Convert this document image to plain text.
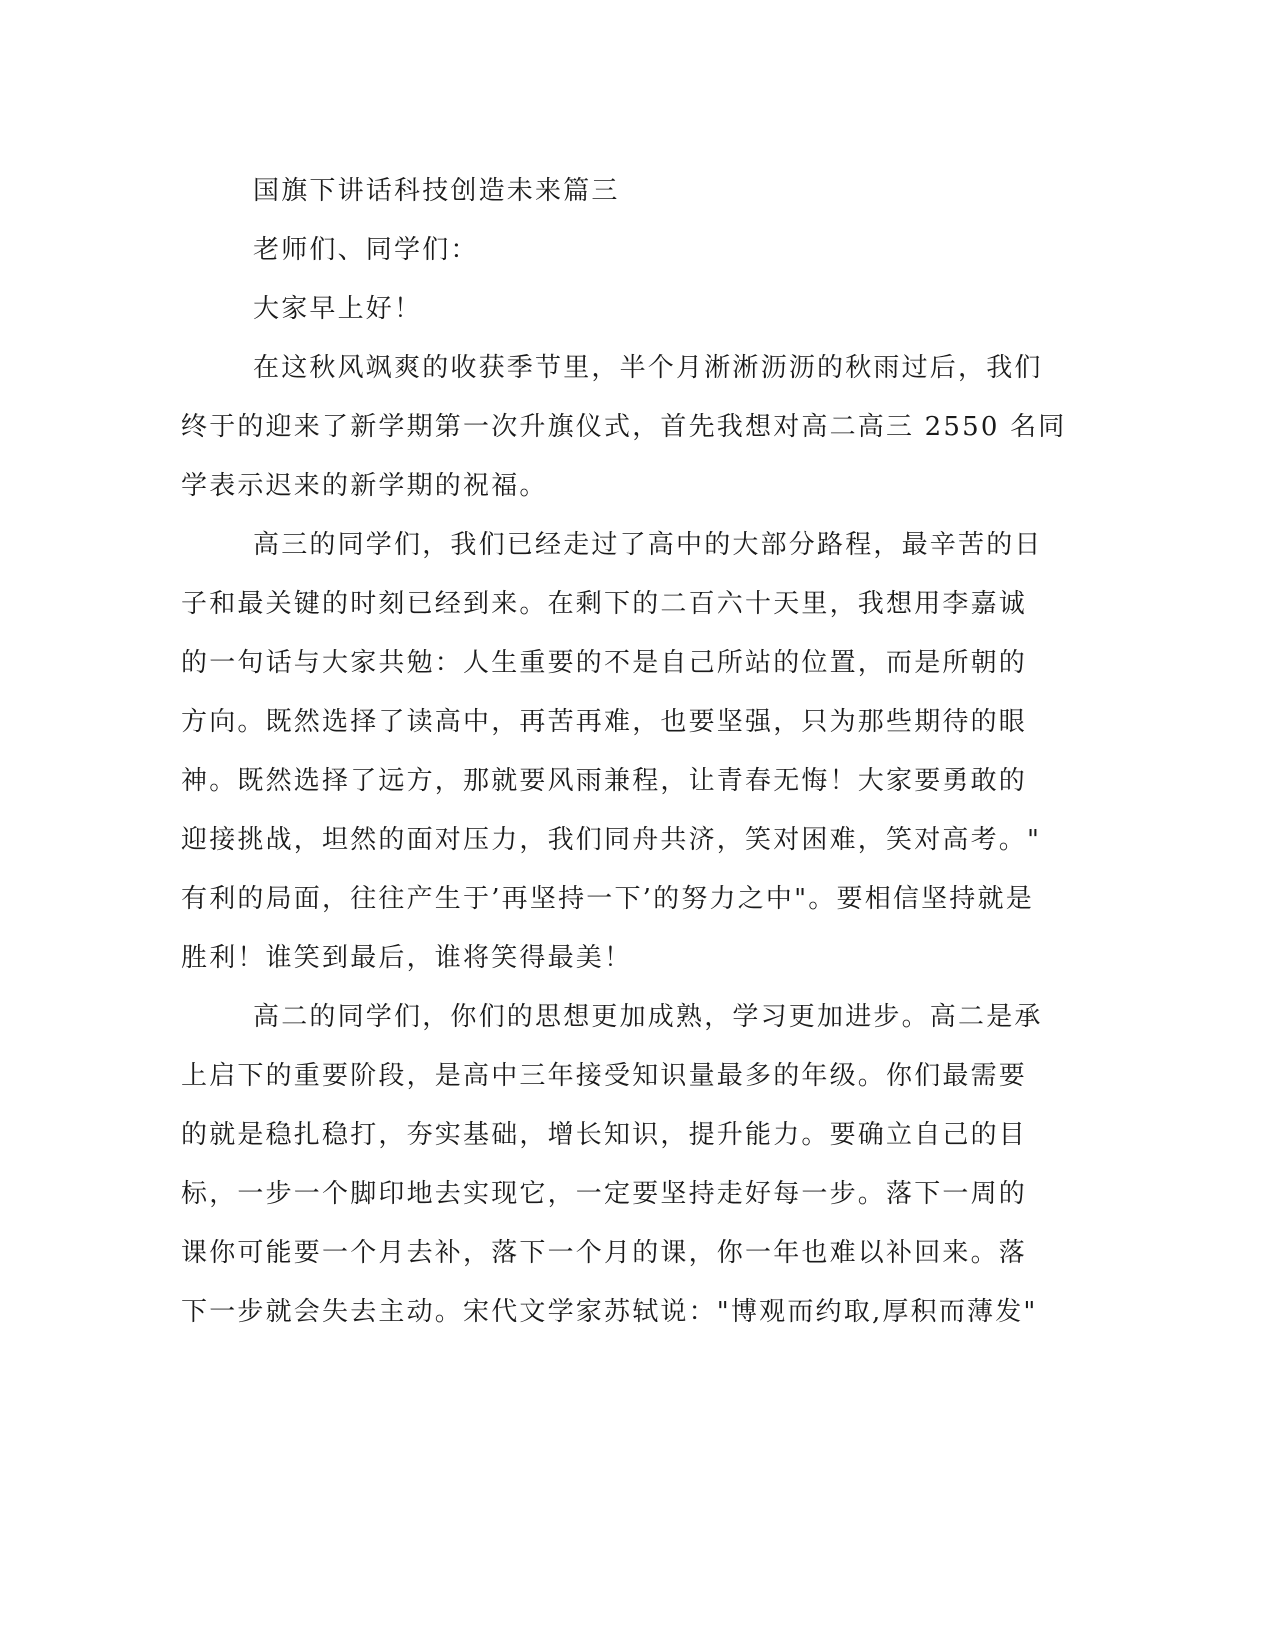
国旗下讲话科技创造未来篇三
老师们、同学们：
大家早上好！
在这秋风飒爽的收获季节里，半个月淅淅沥沥的秋雨过后，我们
终于的迎来了新学期第一次升旗仪式，首先我想对高二高三 2550 名同
学表示迟来的新学期的祝福。
高三的同学们，我们已经走过了高中的大部分路程，最辛苦的日
子和最关键的时刻已经到来。在剩下的二百六十天里，我想用李嘉诚
的一句话与大家共勉：人生重要的不是自己所站的位置，而是所朝的
方向。既然选择了读高中，再苦再难，也要坚强，只为那些期待的眼
神。既然选择了远方，那就要风雨兼程，让青春无悔！大家要勇敢的
迎接挑战，坦然的面对压力，我们同舟共济，笑对困难，笑对高考。"
有利的局面，往往产生于’再坚持一下’的努力之中"。要相信坚持就是
胜利！谁笑到最后，谁将笑得最美！
高二的同学们，你们的思想更加成熟，学习更加进步。高二是承
上启下的重要阶段，是高中三年接受知识量最多的年级。你们最需要
的就是稳扎稳打，夯实基础，增长知识，提升能力。要确立自己的目
标，一步一个脚印地去实现它，一定要坚持走好每一步。落下一周的
课你可能要一个月去补，落下一个月的课，你一年也难以补回来。落
下一步就会失去主动。宋代文学家苏轼说："博观而约取,厚积而薄发"
